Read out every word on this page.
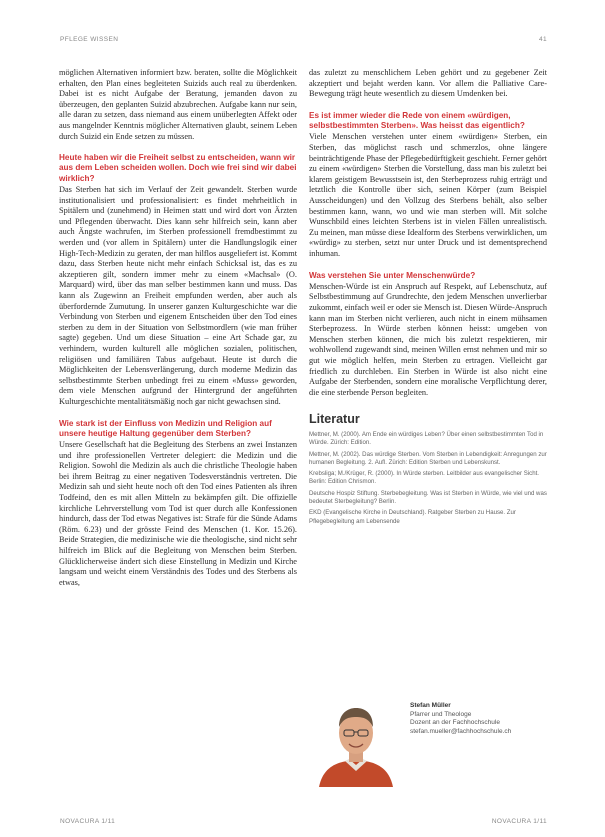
PFLEGE WISSEN	41

möglichen Alternativen informiert bzw. beraten, sollte die Möglichkeit erhalten, den Plan eines begleiteten Suizids auch real zu überdenken. Dabei ist es nicht Aufgabe der Beratung, jemanden davon zu überzeugen, den geplanten Suizid abzubrechen. Aufgabe kann nur sein, alle daran zu setzen, dass niemand aus einem unüberlegten Affekt oder aus mangelnder Kenntnis möglicher Alternativen glaubt, seinem Leben durch Suizid ein Ende setzen zu müssen.

Heute haben wir die Freiheit selbst zu entscheiden, wann wir aus dem Leben scheiden wollen. Doch wie frei sind wir dabei wirklich?

Das Sterben hat sich im Verlauf der Zeit gewandelt. Sterben wurde institutionalisiert und professionalisiert: es findet mehrheitlich in Spitälern und (zunehmend) in Heimen statt und wird dort von Ärzten und Pflegenden überwacht. Dies kann sehr hilfreich sein, kann aber auch Ängste wachrufen, im Sterben professionell fremdbestimmt zu werden und (vor allem in Spitälern) unter die Handlungslogik einer High-Tech-Medizin zu geraten, der man hilflos ausgeliefert ist. Kommt dazu, dass Sterben heute nicht mehr einfach Schicksal ist, das es zu akzeptieren gilt, sondern immer mehr zu einem «Machsal» (O. Marquard) wird, über das man selber bestimmen kann und muss. Das kann als Zugewinn an Freiheit empfunden werden, aber auch als überfordernde Zumutung. In unserer ganzen Kulturgeschichte war die Verbindung von Sterben und eigenem Entscheiden über den Tod eines sterben zu dem in der Situation von Selbstmordlern (wie man früher sagte) gegeben. Und um diese Situation – eine Art Schade gar, zu verhindern, wurden kulturell alle möglichen sozialen, politischen, religiösen und familiären Tabus aufgebaut. Heute ist durch die Möglichkeiten der Lebensverlängerung, durch moderne Medizin das selbstbestimmte Sterben unbedingt frei zu einem «Muss» geworden, dem viele Menschen aufgrund der Hintergrund der angeführten Kulturgeschichte mentalitätsmäßig noch gar nicht gewachsen sind.

Wie stark ist der Einfluss von Medizin und Religion auf unsere heutige Haltung gegenüber dem Sterben?

Unsere Gesellschaft hat die Begleitung des Sterbens an zwei Instanzen und ihre professionellen Vertreter delegiert: die Medizin und die Religion. Sowohl die Medizin als auch die christliche Theologie haben bei ihrem Beitrag zu einer negativen Todesverständnis vertreten. Die Medizin sah und sieht heute noch oft den Tod eines Patienten als ihren Todfeind, den es mit allen Mitteln zu bekämpfen gilt. Die offizielle kirchliche Lehrverstellung vom Tod ist quer durch alle Konfessionen hindurch, dass der Tod etwas Negatives ist: Strafe für die Sünde Adams (Röm. 6.23) und der grösste Feind des Menschen (1. Kor. 15.26). Beide Strategien, die medizinische wie die theologische, sind nicht sehr hilfreich im Blick auf die Begleitung von Menschen beim Sterben. Glücklicherweise ändert sich diese Einstellung in Medizin und Kirche langsam und weicht einem Verständnis des Todes und des Sterbens als etwas,

das zuletzt zu menschlichem Leben gehört und zu gegebener Zeit akzeptiert und bejaht werden kann. Vor allem die Palliative Care-Bewegung trägt heute wesentlich zu diesem Umdenken bei.

Es ist immer wieder die Rede von einem «würdigen, selbstbestimmten Sterben». Was heisst das eigentlich?

Viele Menschen verstehen unter einem «würdigen» Sterben, ein Sterben, das möglichst rasch und schmerzlos, ohne längere beinträchtigende Phase der Pflegebedürftigkeit geschieht. Ferner gehört zu einem «würdigen» Sterben die Vorstellung, dass man bis zuletzt bei klarem geistigem Bewusstsein ist, den Sterbeprozess ruhig erträgt und letztlich die Kontrolle über sich, seinen Körper (zum Beispiel Ausscheidungen) und den Vollzug des Sterbens behält, also selber bestimmen kann, wann, wo und wie man sterben will. Mit solche Wunschbild eines leichten Sterbens ist in vielen Fällen unrealistisch. Zu meinen, man müsse diese Idealform des Sterbens verwirklichen, um «würdig» zu sterben, setzt nur unter Druck und ist dementsprechend inhuman.

Was verstehen Sie unter Menschenwürde?

Menschen-Würde ist ein Anspruch auf Respekt, auf Lebenschutz, auf Selbstbestimmung auf Grundrechte, den jedem Menschen unverlierbar zukommt, einfach weil er oder sie Mensch ist. Diesen Würde-Anspruch kann man im Sterben nicht verlieren, auch nicht in einem mühsamen Sterbeprozess. In Würde sterben können heisst: umgeben von Menschen sterben können, die mich bis zuletzt respektieren, mir wohlwollend zugewandt sind, meinen Willen ernst nehmen und mir so gut wie möglich helfen, mein Sterben zu ertragen. Vielleicht gar friedlich zu durchleben. Ein Sterben in Würde ist also nicht eine Aufgabe der Sterbenden, sondern eine moralische Verpflichtung derer, die eine sterbende Person begleiten.

Literatur
Mettner, M. (2000). Am Ende ein würdiges Leben? Über einen selbstbestimmten Tod in Würde. Zürich: Edition.
Mettner, M. (2002). Das würdige Sterben. Vom Sterben in Lebendigkeit: Anregungen zur humanen Begleitung. 2. Aufl. Zürich: Edition Sterben und Lebenskunst.
Krebsliga; M./Krüger, R. (2000). In Würde sterben. Leitbilder aus evangelischer Sicht. Berlin: Edition Chrismon.
Deutsche Hospiz Stiftung. Sterbebegleitung. Was ist Sterben in Würde, wie viel und was bedeutet Sterbegleitung? Berlin.
EKD (Evangelische Kirche in Deutschland). Ratgeber Sterben zu Hause. Zur Pflegebegleitung am Lebensende
Stefan Müller
Pfarrer und Theologe
Dozent an der Fachhochschule
stefan.mueller@fachhochschule.ch
NOVACURA 1/11	NOVACURA 1/11
